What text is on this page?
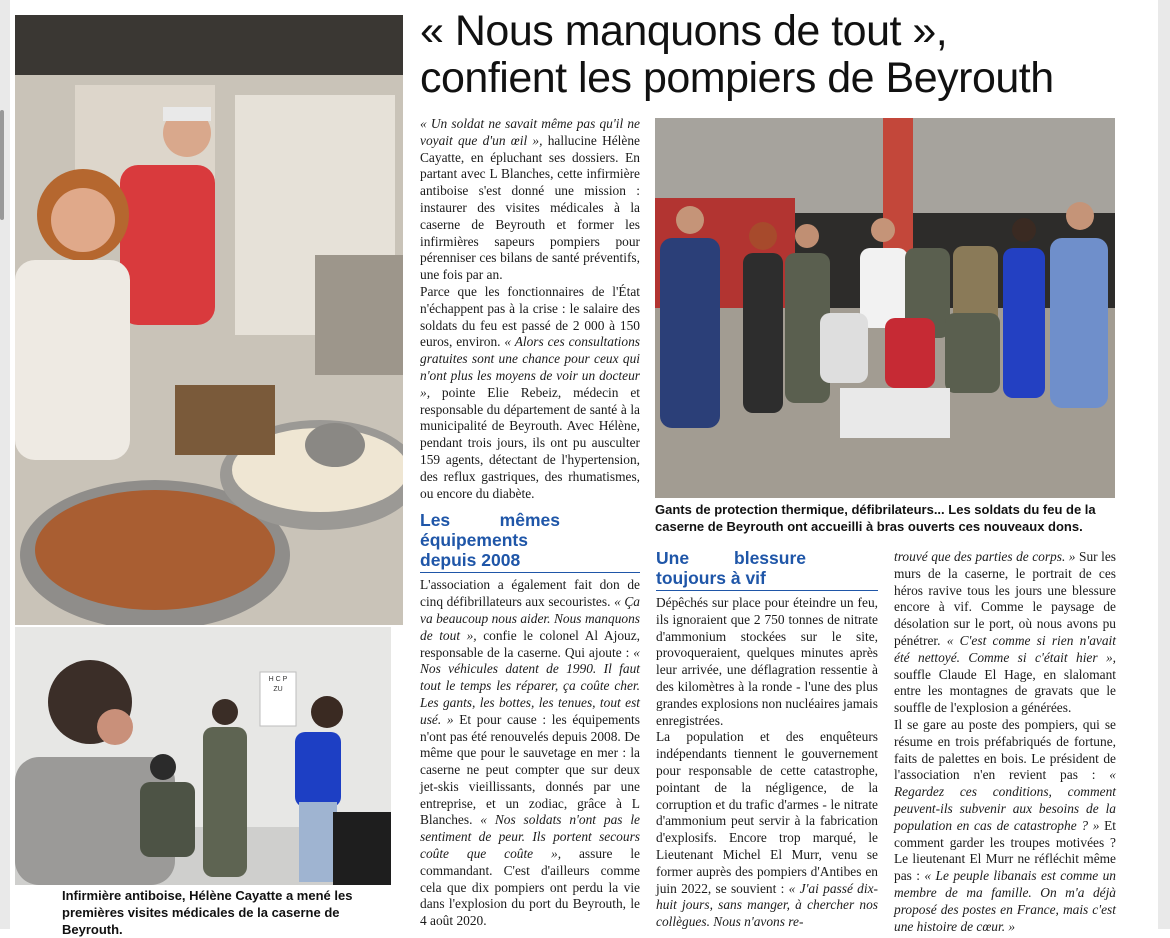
« Nous manquons de tout »,
confient les pompiers de Beyrouth
H C P
ZU
Infirmière antiboise, Hélène Cayatte a mené les premières visites médicales de la caserne de Beyrouth.
Gants de protection thermique, défibrilateurs... Les soldats du feu de la caserne de Beyrouth ont accueilli à bras ouverts ces nouveaux dons.

« Un soldat ne savait même pas qu'il ne voyait que d'un œil », hallucine Hélène Cayatte, en épluchant ses dossiers. En partant avec L Blanches, cette infirmière antiboise s'est donné une mission : instaurer des visites médicales à la caserne de Beyrouth et former les infirmières sapeurs pompiers pour pérenniser ces bilans de santé préventifs, une fois par an.

Parce que les fonctionnaires de l'État n'échappent pas à la crise : le salaire des soldats du feu est passé de 2 000 à 150 euros, environ. « Alors ces consultations gratuites sont une chance pour ceux qui n'ont plus les moyens de voir un docteur », pointe Elie Rebeiz, médecin et responsable du département de santé à la municipalité de Beyrouth. Avec Hélène, pendant trois jours, ils ont pu ausculter 159 agents, détectant de l'hypertension, des reflux gastriques, des rhumatismes, ou encore du diabète.

Les mêmes équipements depuis 2008

L'association a également fait don de cinq défibrillateurs aux secouristes. « Ça va beaucoup nous aider. Nous manquons de tout », confie le colonel Al Ajouz, responsable de la caserne. Qui ajoute : « Nos véhicules datent de 1990. Il faut tout le temps les réparer, ça coûte cher. Les gants, les bottes, les tenues, tout est usé. » Et pour cause : les équipements n'ont pas été renouvelés depuis 2008. De même que pour le sauvetage en mer : la caserne ne peut compter que sur deux jet-skis vieillissants, donnés par une entreprise, et un zodiac, grâce à L Blanches. « Nos soldats n'ont pas le sentiment de peur. Ils portent secours coûte que coûte », assure le commandant. C'est d'ailleurs comme cela que dix pompiers ont perdu la vie dans l'explosion du port du Beyrouth, le 4 août 2020.

Une blessure toujours à vif

Dépêchés sur place pour éteindre un feu, ils ignoraient que 2 750 tonnes de nitrate d'ammonium stockées sur le site, provoqueraient, quelques minutes après leur arrivée, une déflagration ressentie à des kilomètres à la ronde - l'une des plus grandes explosions non nucléaires jamais enregistrées.

La population et des enquêteurs indépendants tiennent le gouvernement pour responsable de cette catastrophe, pointant de la négligence, de la corruption et du trafic d'armes - le nitrate d'ammonium peut servir à la fabrication d'explosifs. Encore trop marqué, le Lieutenant Michel El Murr, venu se former auprès des pompiers d'Antibes en juin 2022, se souvient : « J'ai passé dix-huit jours, sans manger, à chercher nos collègues. Nous n'avons re-

trouvé que des parties de corps. » Sur les murs de la caserne, le portrait de ces héros ravive tous les jours une blessure encore à vif. Comme le paysage de désolation sur le port, où nous avons pu pénétrer. « C'est comme si rien n'avait été nettoyé. Comme si c'était hier », souffle Claude El Hage, en slalomant entre les montagnes de gravats que le souffle de l'explosion a générées.

Il se gare au poste des pompiers, qui se résume en trois préfabriqués de fortune, faits de palettes en bois. Le président de l'association n'en revient pas : « Regardez ces conditions, comment peuvent-ils subvenir aux besoins de la population en cas de catastrophe ? » Et comment garder les troupes motivées ? Le lieutenant El Murr ne réfléchit même pas : « Le peuple libanais est comme un membre de ma famille. On m'a déjà proposé des postes en France, mais c'est une histoire de cœur. »
